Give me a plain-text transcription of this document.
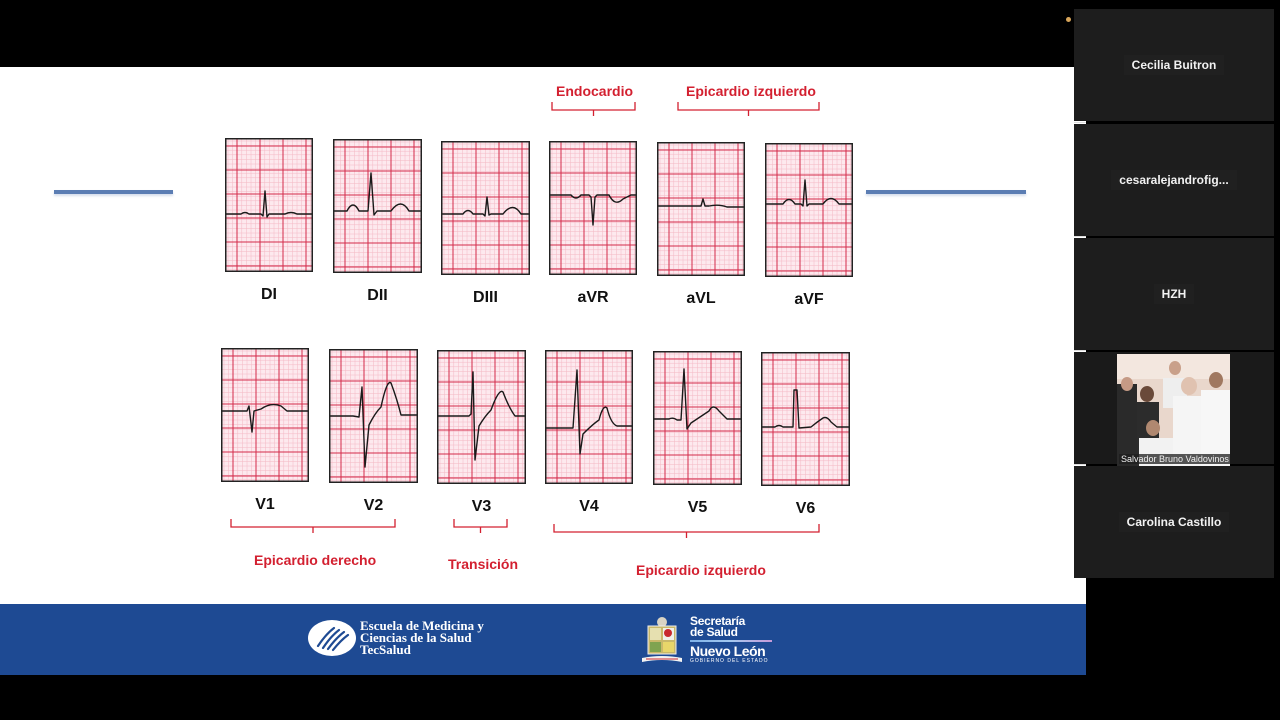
DI	DII	DIII	aVR	aVL	aVF
V1	V2	V3	V4	V5	V6
Endocardio	Epicardio izquierdo
Epicardio derecho	Transición	Epicardio izquierdo
Escuela de Medicina y
Ciencias de la Salud
TecSalud
Secretaría
de Salud
Nuevo León
GOBIERNO DEL ESTADO
Cecilia Buitron
cesaralejandrofig...
HZH
Salvador Bruno Valdovinos
Carolina Castillo
